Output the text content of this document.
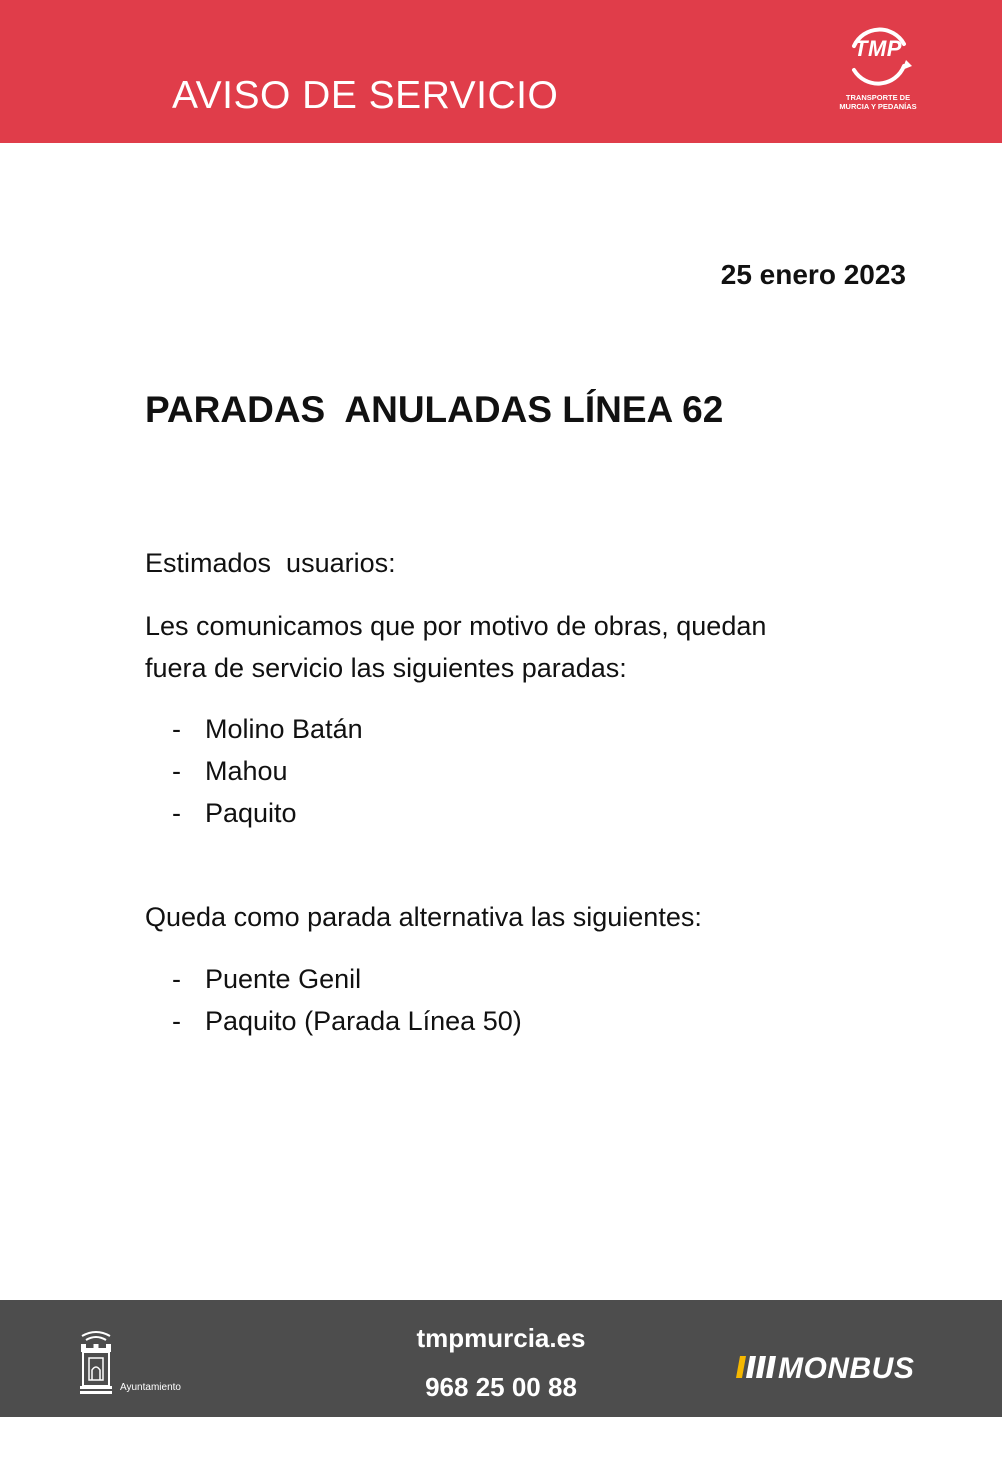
AVISO DE SERVICIO
TMP
TRANSPORTE DE
MURCIA Y PEDANÍAS

25 enero 2023

PARADAS  ANULADAS LÍNEA 62

Estimados  usuarios:

Les comunicamos que por motivo de obras, quedan

fuera de servicio las siguientes paradas:

- Molino Batán
- Mahou
- Paquito

Queda como parada alternativa las siguientes:

- Puente Genil
- Paquito (Parada Línea 50)

Ayuntamiento

de Murcia

tmpmurcia.es

968 25 00 88

MONBUS
